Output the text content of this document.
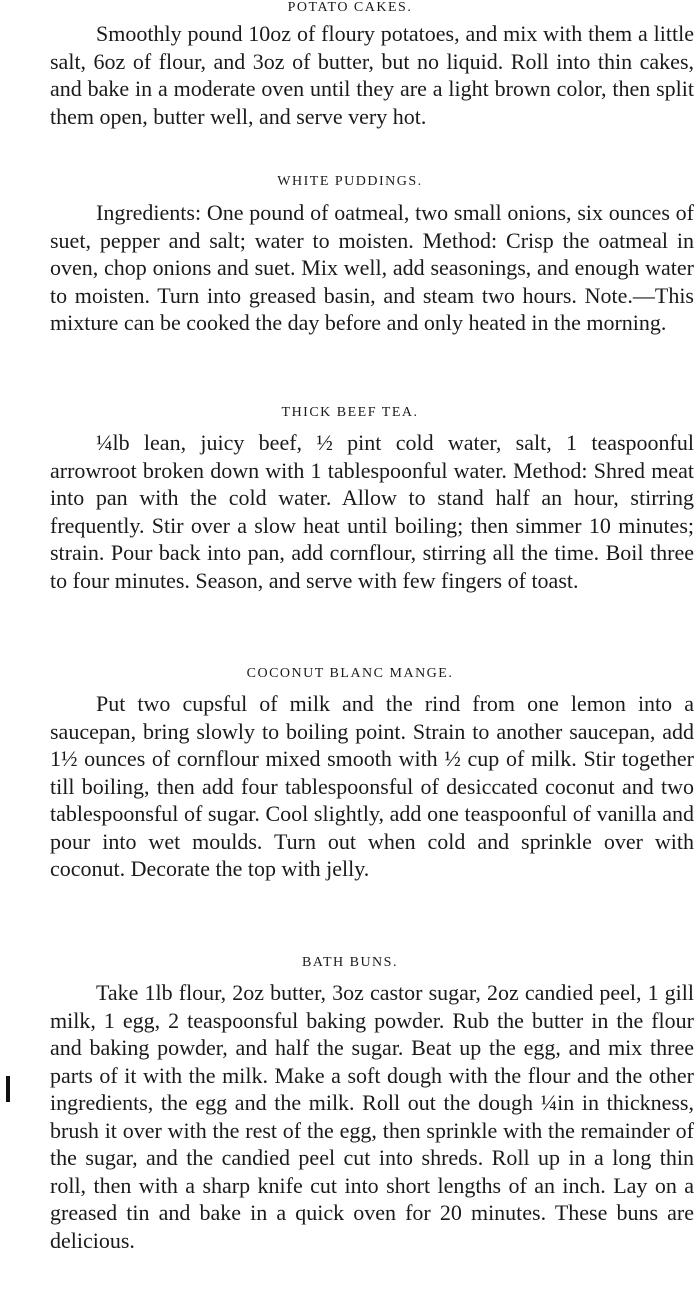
POTATO CAKES.

Smoothly pound 10oz of floury potatoes, and mix with them a little salt, 6oz of flour, and 3oz of butter, but no liquid. Roll into thin cakes, and bake in a moderate oven until they are a light brown color, then split them open, butter well, and serve very hot.

WHITE PUDDINGS.

Ingredients: One pound of oatmeal, two small onions, six ounces of suet, pepper and salt; water to moisten. Method: Crisp the oatmeal in oven, chop onions and suet. Mix well, add seasonings, and enough water to moisten. Turn into greased basin, and steam two hours. Note.—This mixture can be cooked the day before and only heated in the morning.

THICK BEEF TEA.

¼lb lean, juicy beef, ½ pint cold water, salt, 1 teaspoonful arrowroot broken down with 1 tablespoonful water. Method: Shred meat into pan with the cold water. Allow to stand half an hour, stirring frequently. Stir over a slow heat until boiling; then simmer 10 minutes; strain. Pour back into pan, add cornflour, stirring all the time. Boil three to four minutes. Season, and serve with few fingers of toast.

COCONUT BLANC MANGE.

Put two cupsful of milk and the rind from one lemon into a saucepan, bring slowly to boiling point. Strain to another saucepan, add 1½ ounces of cornflour mixed smooth with ½ cup of milk. Stir together till boiling, then add four tablespoonsful of desiccated coconut and two tablespoonsful of sugar. Cool slightly, add one teaspoonful of vanilla and pour into wet moulds. Turn out when cold and sprinkle over with coconut. Decorate the top with jelly.

BATH BUNS.

Take 1lb flour, 2oz butter, 3oz castor sugar, 2oz candied peel, 1 gill milk, 1 egg, 2 teaspoonsful baking powder. Rub the butter in the flour and baking powder, and half the sugar. Beat up the egg, and mix three parts of it with the milk. Make a soft dough with the flour and the other ingredients, the egg and the milk. Roll out the dough ¼in in thickness, brush it over with the rest of the egg, then sprinkle with the remainder of the sugar, and the candied peel cut into shreds. Roll up in a long thin roll, then with a sharp knife cut into short lengths of an inch. Lay on a greased tin and bake in a quick oven for 20 minutes. These buns are delicious.
